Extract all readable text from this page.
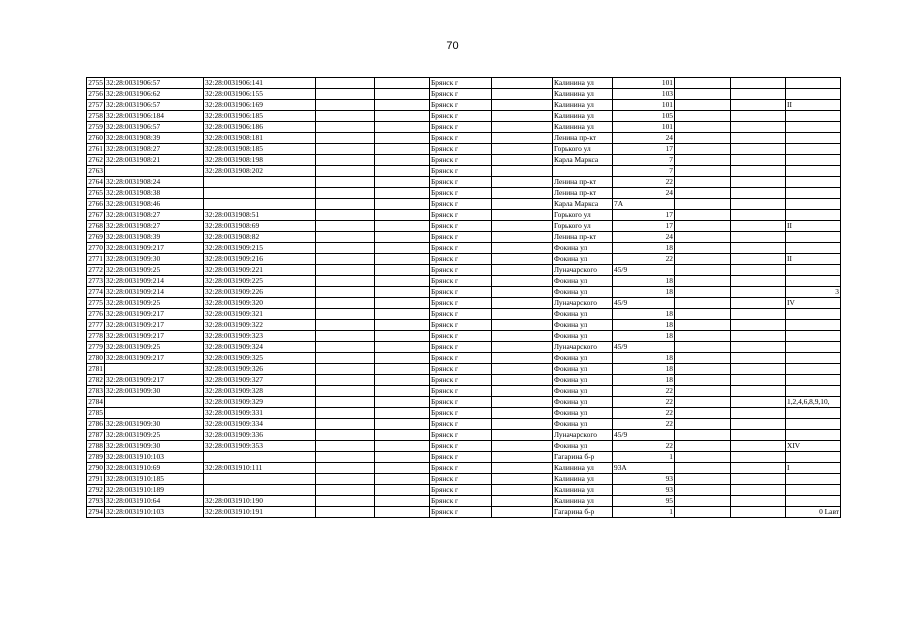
70
2755	32:28:0031906:57	32:28:0031906:141			Брянск г		Калинина ул	101			
2756	32:28:0031906:62	32:28:0031906:155			Брянск г		Калинина ул	103			
2757	32:28:0031906:57	32:28:0031906:169			Брянск г		Калинина ул	101			II
2758	32:28:0031906:184	32:28:0031906:185			Брянск г		Калинина ул	105			
2759	32:28:0031906:57	32:28:0031906:186			Брянск г		Калинина ул	101			
2760	32:28:0031908:39	32:28:0031908:181			Брянск г		Ленина пр-кт	24			
2761	32:28:0031908:27	32:28:0031908:185			Брянск г		Горького ул	17			
2762	32:28:0031908:21	32:28:0031908:198			Брянск г		Карла Маркса	7			
2763		32:28:0031908:202			Брянск г			7			
2764	32:28:0031908:24				Брянск г		Ленина пр-кт	22			
2765	32:28:0031908:38				Брянск г		Ленина пр-кт	24			
2766	32:28:0031908:46				Брянск г		Карла Маркса	7А			
2767	32:28:0031908:27	32:28:0031908:51			Брянск г		Горького ул	17			
2768	32:28:0031908:27	32:28:0031908:69			Брянск г		Горького ул	17			II
2769	32:28:0031908:39	32:28:0031908:82			Брянск г		Ленина пр-кт	24			
2770	32:28:0031909:217	32:28:0031909:215			Брянск г		Фокина ул	18			
2771	32:28:0031909:30	32:28:0031909:216			Брянск г		Фокина ул	22			II
2772	32:28:0031909:25	32:28:0031909:221			Брянск г		Луначарского	45/9			
2773	32:28:0031909:214	32:28:0031909:225			Брянск г		Фокина ул	18			
2774	32:28:0031909:214	32:28:0031909:226			Брянск г		Фокина ул	18			3
2775	32:28:0031909:25	32:28:0031909:320			Брянск г		Луначарского	45/9			IV
2776	32:28:0031909:217	32:28:0031909:321			Брянск г		Фокина ул	18			
2777	32:28:0031909:217	32:28:0031909:322			Брянск г		Фокина ул	18			
2778	32:28:0031909:217	32:28:0031909:323			Брянск г		Фокина ул	18			
2779	32:28:0031909:25	32:28:0031909:324			Брянск г		Луначарского	45/9			
2780	32:28:0031909:217	32:28:0031909:325			Брянск г		Фокина ул	18			
2781		32:28:0031909:326			Брянск г		Фокина ул	18			
2782	32:28:0031909:217	32:28:0031909:327			Брянск г		Фокина ул	18			
2783	32:28:0031909:30	32:28:0031909:328			Брянск г		Фокина ул	22			
2784		32:28:0031909:329			Брянск г		Фокина ул	22			1,2,4,6,8,9,10,
2785		32:28:0031909:331			Брянск г		Фокина ул	22			
2786	32:28:0031909:30	32:28:0031909:334			Брянск г		Фокина ул	22			
2787	32:28:0031909:25	32:28:0031909:336			Брянск г		Луначарского	45/9			
2788	32:28:0031909:30	32:28:0031909:353			Брянск г		Фокина ул	22			XIV
2789	32:28:0031910:103				Брянск г		Гагарина б-р	1			
2790	32:28:0031910:69	32:28:0031910:111			Брянск г		Калинина ул	93А			I
2791	32:28:0031910:185				Брянск г		Калинина ул	93			
2792	32:28:0031910:189				Брянск г		Калинина ул	93			
2793	32:28:0031910:64	32:28:0031910:190			Брянск г		Калинина ул	95			
2794	32:28:0031910:103	32:28:0031910:191			Брянск г		Гагарина б-р	1			0 Lавт
